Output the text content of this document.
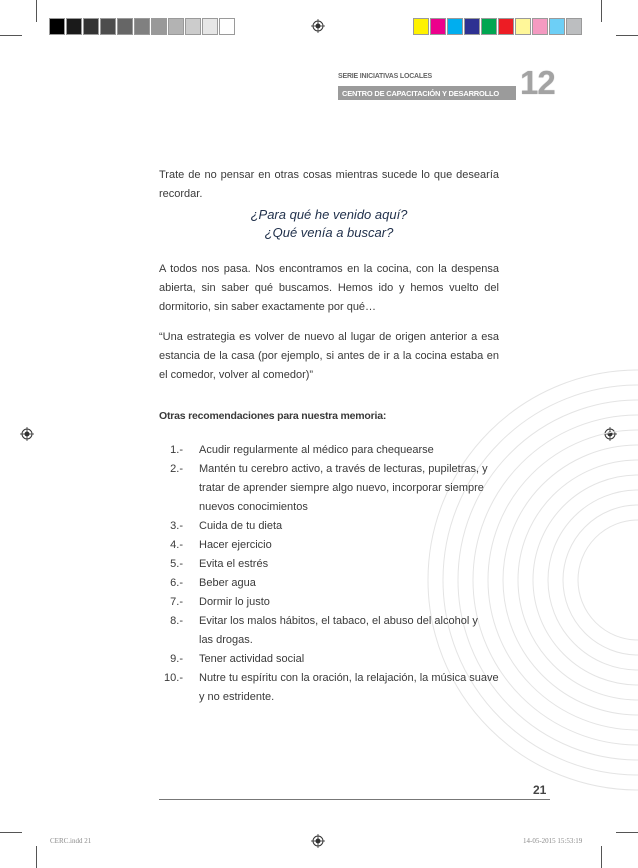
SERIE INICIATIVAS LOCALES
CENTRO DE CAPACITACIÓN Y DESARROLLO CEC
12

Trate de no pensar en otras cosas mientras sucede lo que desearía recordar.

¿Para qué he venido aquí?
¿Qué venía a buscar?

A todos nos pasa. Nos encontramos en la cocina, con la despensa abierta, sin saber qué buscamos. Hemos ido y hemos vuelto del dormitorio, sin saber exactamente por qué…

“Una estrategia es volver de nuevo al lugar de origen anterior a esa estancia de la casa (por ejemplo, si antes de ir a la cocina estaba en el comedor, volver al comedor)”

Otras recomendaciones para nuestra memoria:
1.- Acudir regularmente al médico para chequearse
2.- Mantén tu cerebro activo, a través de lecturas, pupiletras, y
tratar de aprender siempre algo nuevo, incorporar siempre
nuevos conocimientos
3.- Cuida de tu dieta
4.- Hacer ejercicio
5.- Evita el estrés
6.- Beber agua
7.- Dormir lo justo
8.- Evitar los malos hábitos, el tabaco, el abuso del alcohol y
las drogas.
9.- Tener actividad social
10.- Nutre tu espíritu con la oración, la relajación, la música suave
y no estridente.
21
CERC.indd 21	14-05-2015 15:53:19
